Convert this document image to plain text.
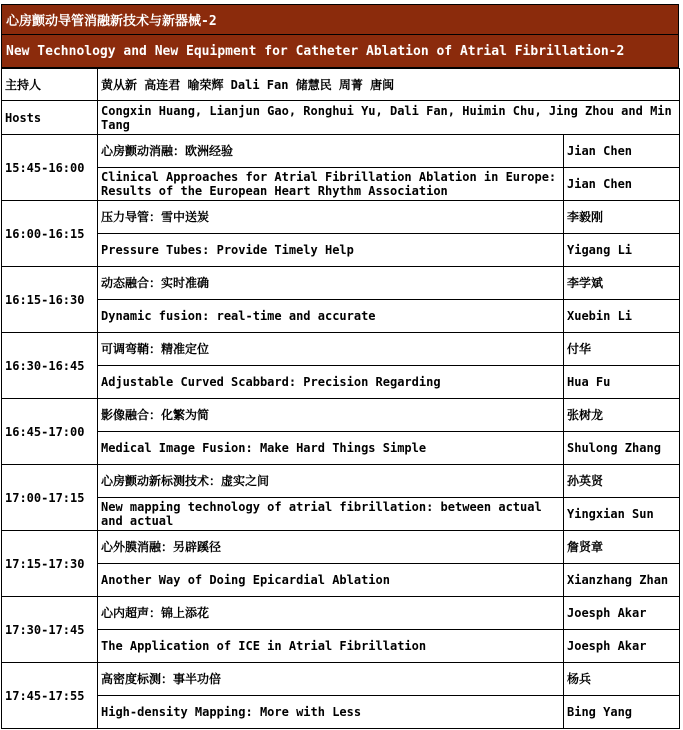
心房颤动导管消融新技术与新器械-2
New Technology and New Equipment for Catheter Ablation of Atrial Fibrillation-2
主持人	黄从新 高连君 喻荣辉 Dali Fan 储慧民 周菁 唐闽	
Hosts	Congxin Huang, Lianjun Gao, Ronghui Yu, Dali Fan, Huimin Chu, Jing Zhou and Min Tang	
15:45-16:00	心房颤动消融：欧洲经验	Jian Chen
	Clinical Approaches for Atrial Fibrillation Ablation in Europe: Results of the European Heart Rhythm Association	Jian Chen
16:00-16:15	压力导管：雪中送炭	李毅刚
	Pressure Tubes: Provide Timely Help	Yigang Li
16:15-16:30	动态融合：实时准确	李学斌
	Dynamic fusion: real-time and accurate	Xuebin Li
16:30-16:45	可调弯鞘：精准定位	付华
	Adjustable Curved Scabbard: Precision Regarding	Hua Fu
16:45-17:00	影像融合：化繁为简	张树龙
	Medical Image Fusion: Make Hard Things Simple	Shulong Zhang
17:00-17:15	心房颤动新标测技术：虚实之间	孙英贤
	New mapping technology of atrial fibrillation: between actual and actual	Yingxian Sun
17:15-17:30	心外膜消融：另辟蹊径	詹贤章
	Another Way of Doing Epicardial Ablation	Xianzhang Zhan
17:30-17:45	心内超声：锦上添花	Joesph Akar
	The Application of ICE in Atrial Fibrillation	Joesph Akar
17:45-17:55	高密度标测：事半功倍	杨兵
	High-density Mapping: More with Less	Bing Yang
